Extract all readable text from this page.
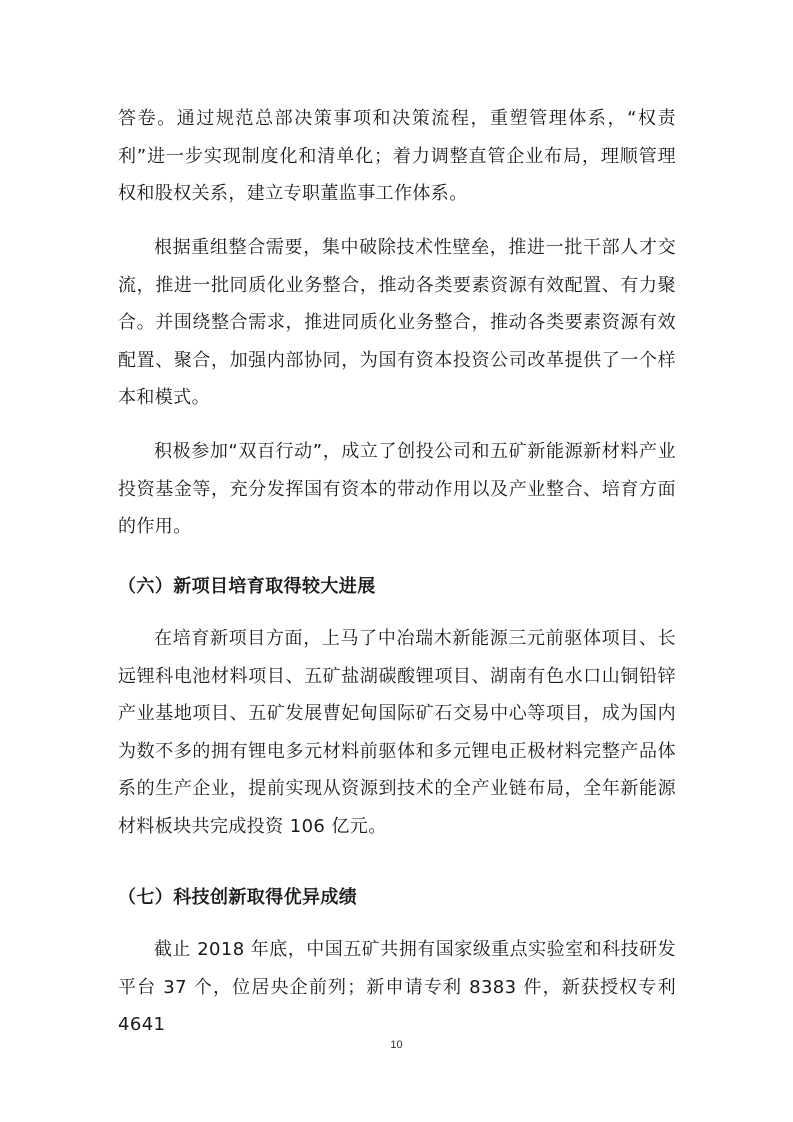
答卷。通过规范总部决策事项和决策流程，重塑管理体系，“权责利”进一步实现制度化和清单化；着力调整直管企业布局，理顺管理权和股权关系，建立专职董监事工作体系。

根据重组整合需要，集中破除技术性壁垒，推进一批干部人才交流，推进一批同质化业务整合，推动各类要素资源有效配置、有力聚合。并围绕整合需求，推进同质化业务整合，推动各类要素资源有效配置、聚合，加强内部协同，为国有资本投资公司改革提供了一个样本和模式。

积极参加“双百行动”，成立了创投公司和五矿新能源新材料产业投资基金等，充分发挥国有资本的带动作用以及产业整合、培育方面的作用。

（六）新项目培育取得较大进展

在培育新项目方面，上马了中冶瑞木新能源三元前驱体项目、长远锂科电池材料项目、五矿盐湖碳酸锂项目、湖南有色水口山铜铅锌产业基地项目、五矿发展曹妃甸国际矿石交易中心等项目，成为国内为数不多的拥有锂电多元材料前驱体和多元锂电正极材料完整产品体系的生产企业，提前实现从资源到技术的全产业链布局，全年新能源材料板块共完成投资 106 亿元。

（七）科技创新取得优异成绩

截止 2018 年底，中国五矿共拥有国家级重点实验室和科技研发平台 37 个，位居央企前列；新申请专利 8383 件，新获授权专利 4641

10
